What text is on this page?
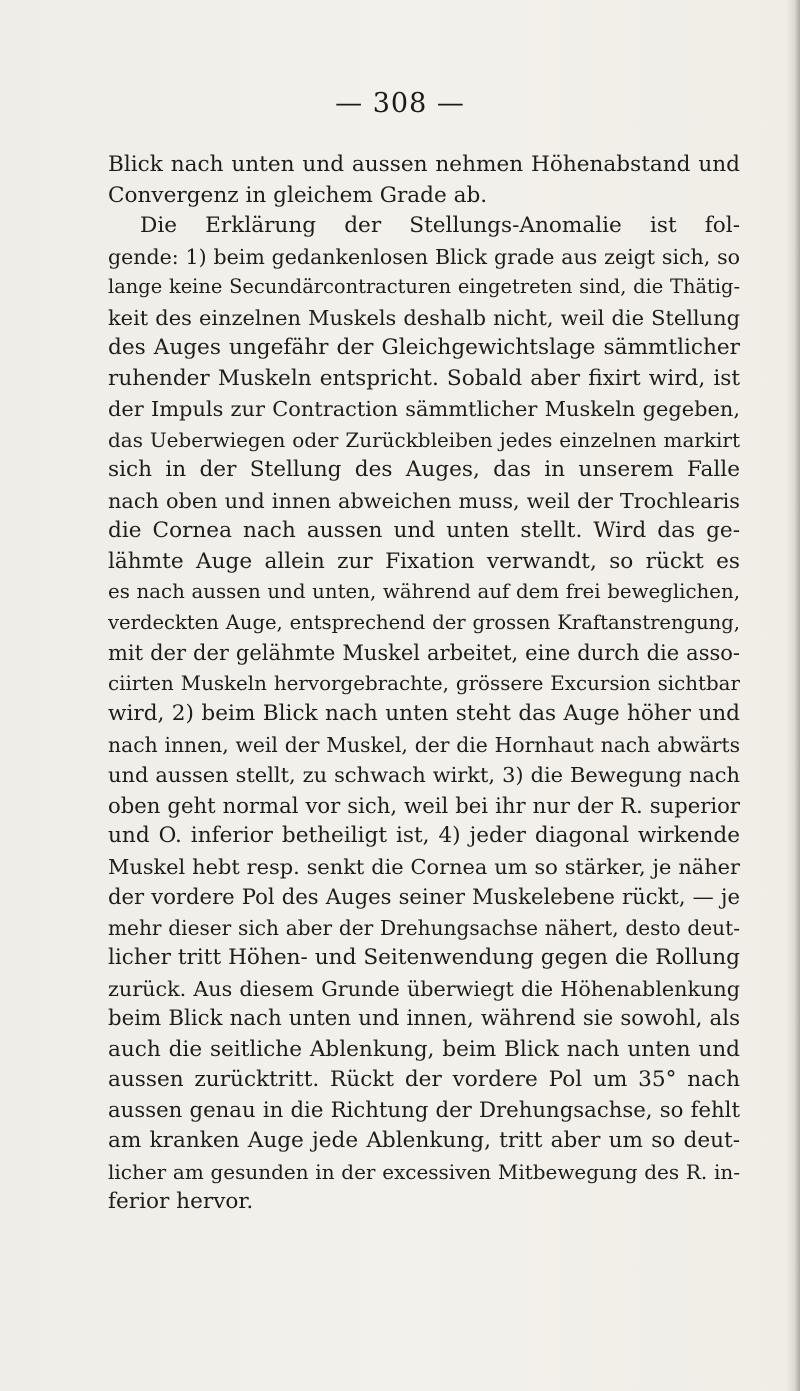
— 308 —
Blick nach unten und aussen nehmen Höhenabstand und
Convergenz in gleichem Grade ab.
Die Erklärung der Stellungs-Anomalie ist fol-
gende: 1) beim gedankenlosen Blick grade aus zeigt sich, so
lange keine Secundärcontracturen eingetreten sind, die Thätig-
keit des einzelnen Muskels deshalb nicht, weil die Stellung
des Auges ungefähr der Gleichgewichtslage sämmtlicher
ruhender Muskeln entspricht. Sobald aber fixirt wird, ist
der Impuls zur Contraction sämmtlicher Muskeln gegeben,
das Ueberwiegen oder Zurückbleiben jedes einzelnen markirt
sich in der Stellung des Auges, das in unserem Falle
nach oben und innen abweichen muss, weil der Trochlearis
die Cornea nach aussen und unten stellt. Wird das ge-
lähmte Auge allein zur Fixation verwandt, so rückt es
es nach aussen und unten, während auf dem frei beweglichen,
verdeckten Auge, entsprechend der grossen Kraftanstrengung,
mit der der gelähmte Muskel arbeitet, eine durch die asso-
ciirten Muskeln hervorgebrachte, grössere Excursion sichtbar
wird, 2) beim Blick nach unten steht das Auge höher und
nach innen, weil der Muskel, der die Hornhaut nach abwärts
und aussen stellt, zu schwach wirkt, 3) die Bewegung nach
oben geht normal vor sich, weil bei ihr nur der R. superior
und O. inferior betheiligt ist, 4) jeder diagonal wirkende
Muskel hebt resp. senkt die Cornea um so stärker, je näher
der vordere Pol des Auges seiner Muskelebene rückt, — je
mehr dieser sich aber der Drehungsachse nähert, desto deut-
licher tritt Höhen- und Seitenwendung gegen die Rollung
zurück. Aus diesem Grunde überwiegt die Höhenablenkung
beim Blick nach unten und innen, während sie sowohl, als
auch die seitliche Ablenkung, beim Blick nach unten und
aussen zurücktritt. Rückt der vordere Pol um 35° nach
aussen genau in die Richtung der Drehungsachse, so fehlt
am kranken Auge jede Ablenkung, tritt aber um so deut-
licher am gesunden in der excessiven Mitbewegung des R. in-
ferior hervor.
